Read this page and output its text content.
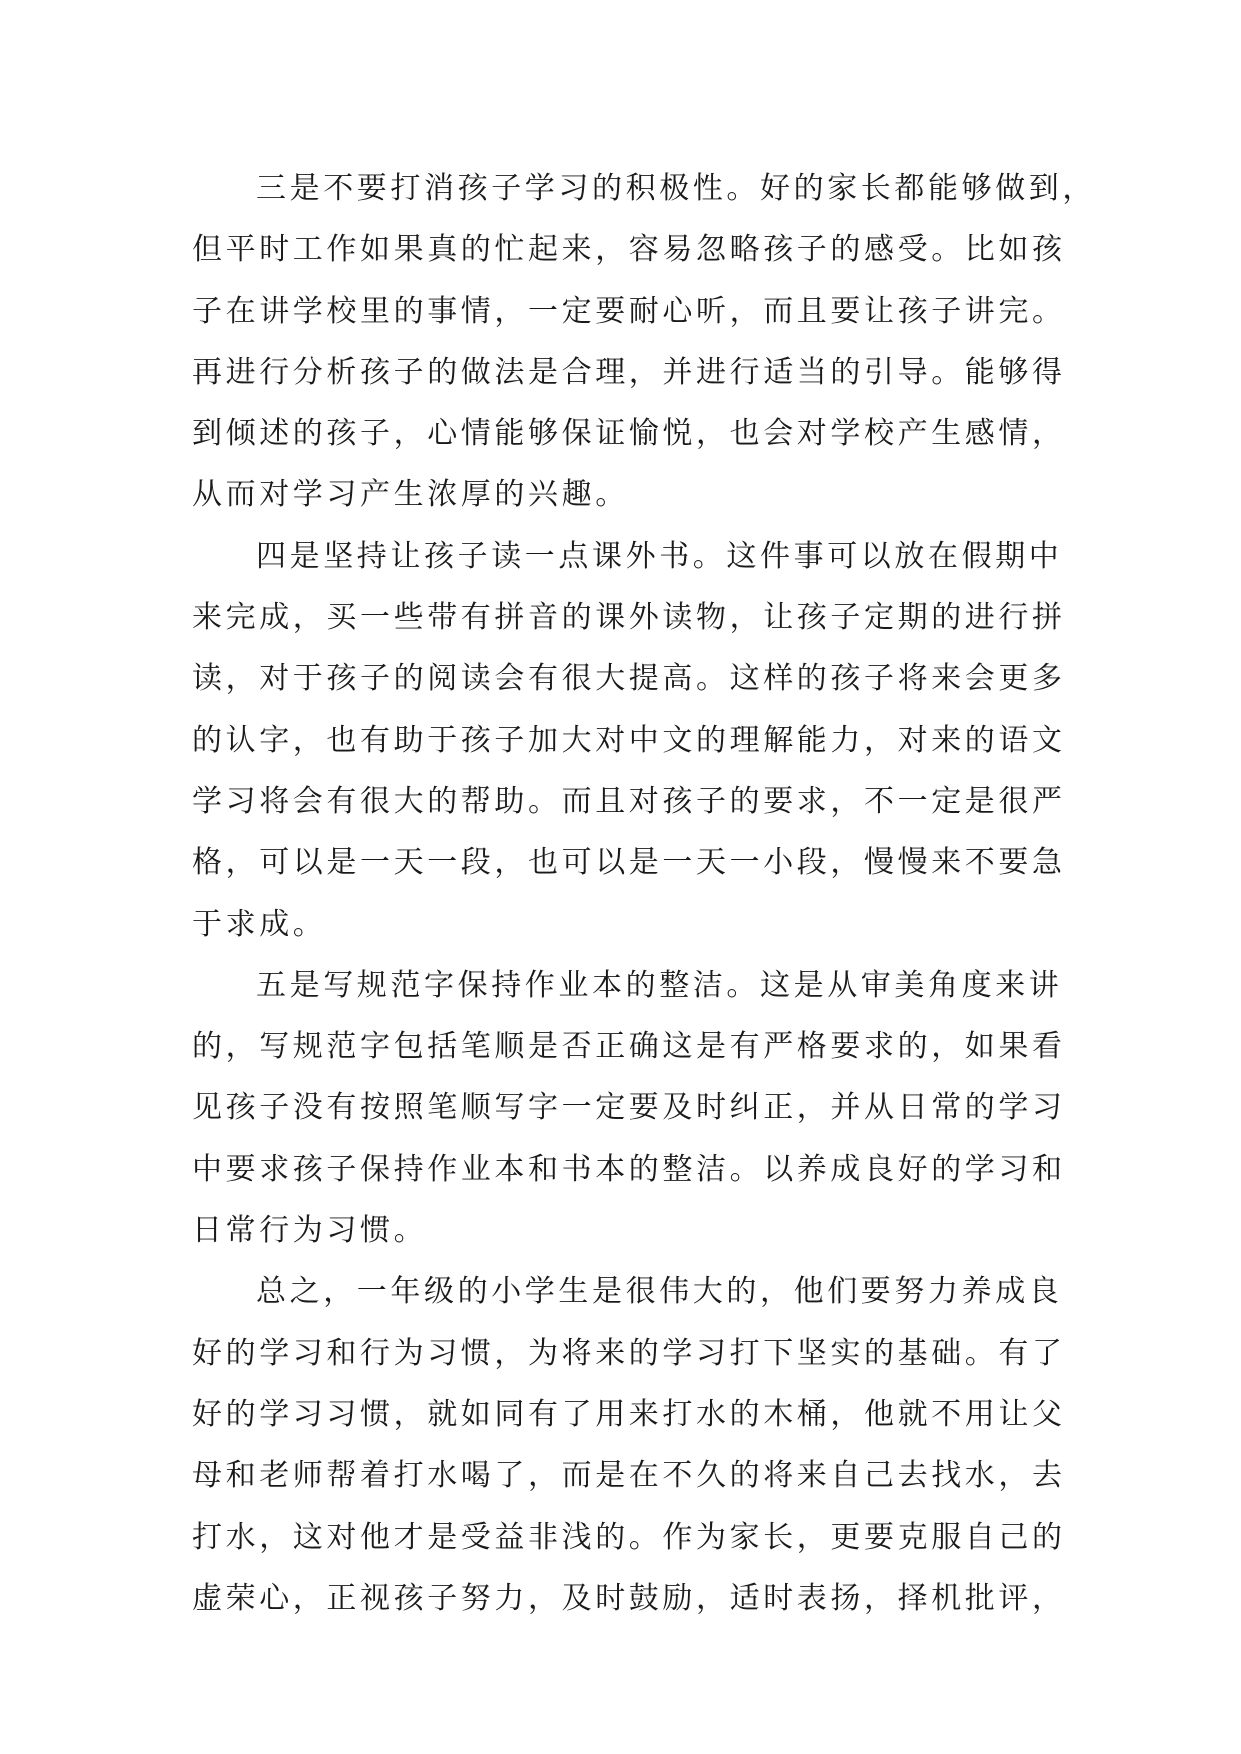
三是不要打消孩子学习的积极性。好的家长都能够做到，
但平时工作如果真的忙起来，容易忽略孩子的感受。比如孩
子在讲学校里的事情，一定要耐心听，而且要让孩子讲完。
再进行分析孩子的做法是合理，并进行适当的引导。能够得
到倾述的孩子，心情能够保证愉悦，也会对学校产生感情，
从而对学习产生浓厚的兴趣。
四是坚持让孩子读一点课外书。这件事可以放在假期中
来完成，买一些带有拼音的课外读物，让孩子定期的进行拼
读，对于孩子的阅读会有很大提高。这样的孩子将来会更多
的认字，也有助于孩子加大对中文的理解能力，对来的语文
学习将会有很大的帮助。而且对孩子的要求，不一定是很严
格，可以是一天一段，也可以是一天一小段，慢慢来不要急
于求成。
五是写规范字保持作业本的整洁。这是从审美角度来讲
的，写规范字包括笔顺是否正确这是有严格要求的，如果看
见孩子没有按照笔顺写字一定要及时纠正，并从日常的学习
中要求孩子保持作业本和书本的整洁。以养成良好的学习和
日常行为习惯。
总之，一年级的小学生是很伟大的，他们要努力养成良
好的学习和行为习惯，为将来的学习打下坚实的基础。有了
好的学习习惯，就如同有了用来打水的木桶，他就不用让父
母和老师帮着打水喝了，而是在不久的将来自己去找水，去
打水，这对他才是受益非浅的。作为家长，更要克服自己的
虚荣心，正视孩子努力，及时鼓励，适时表扬，择机批评，
